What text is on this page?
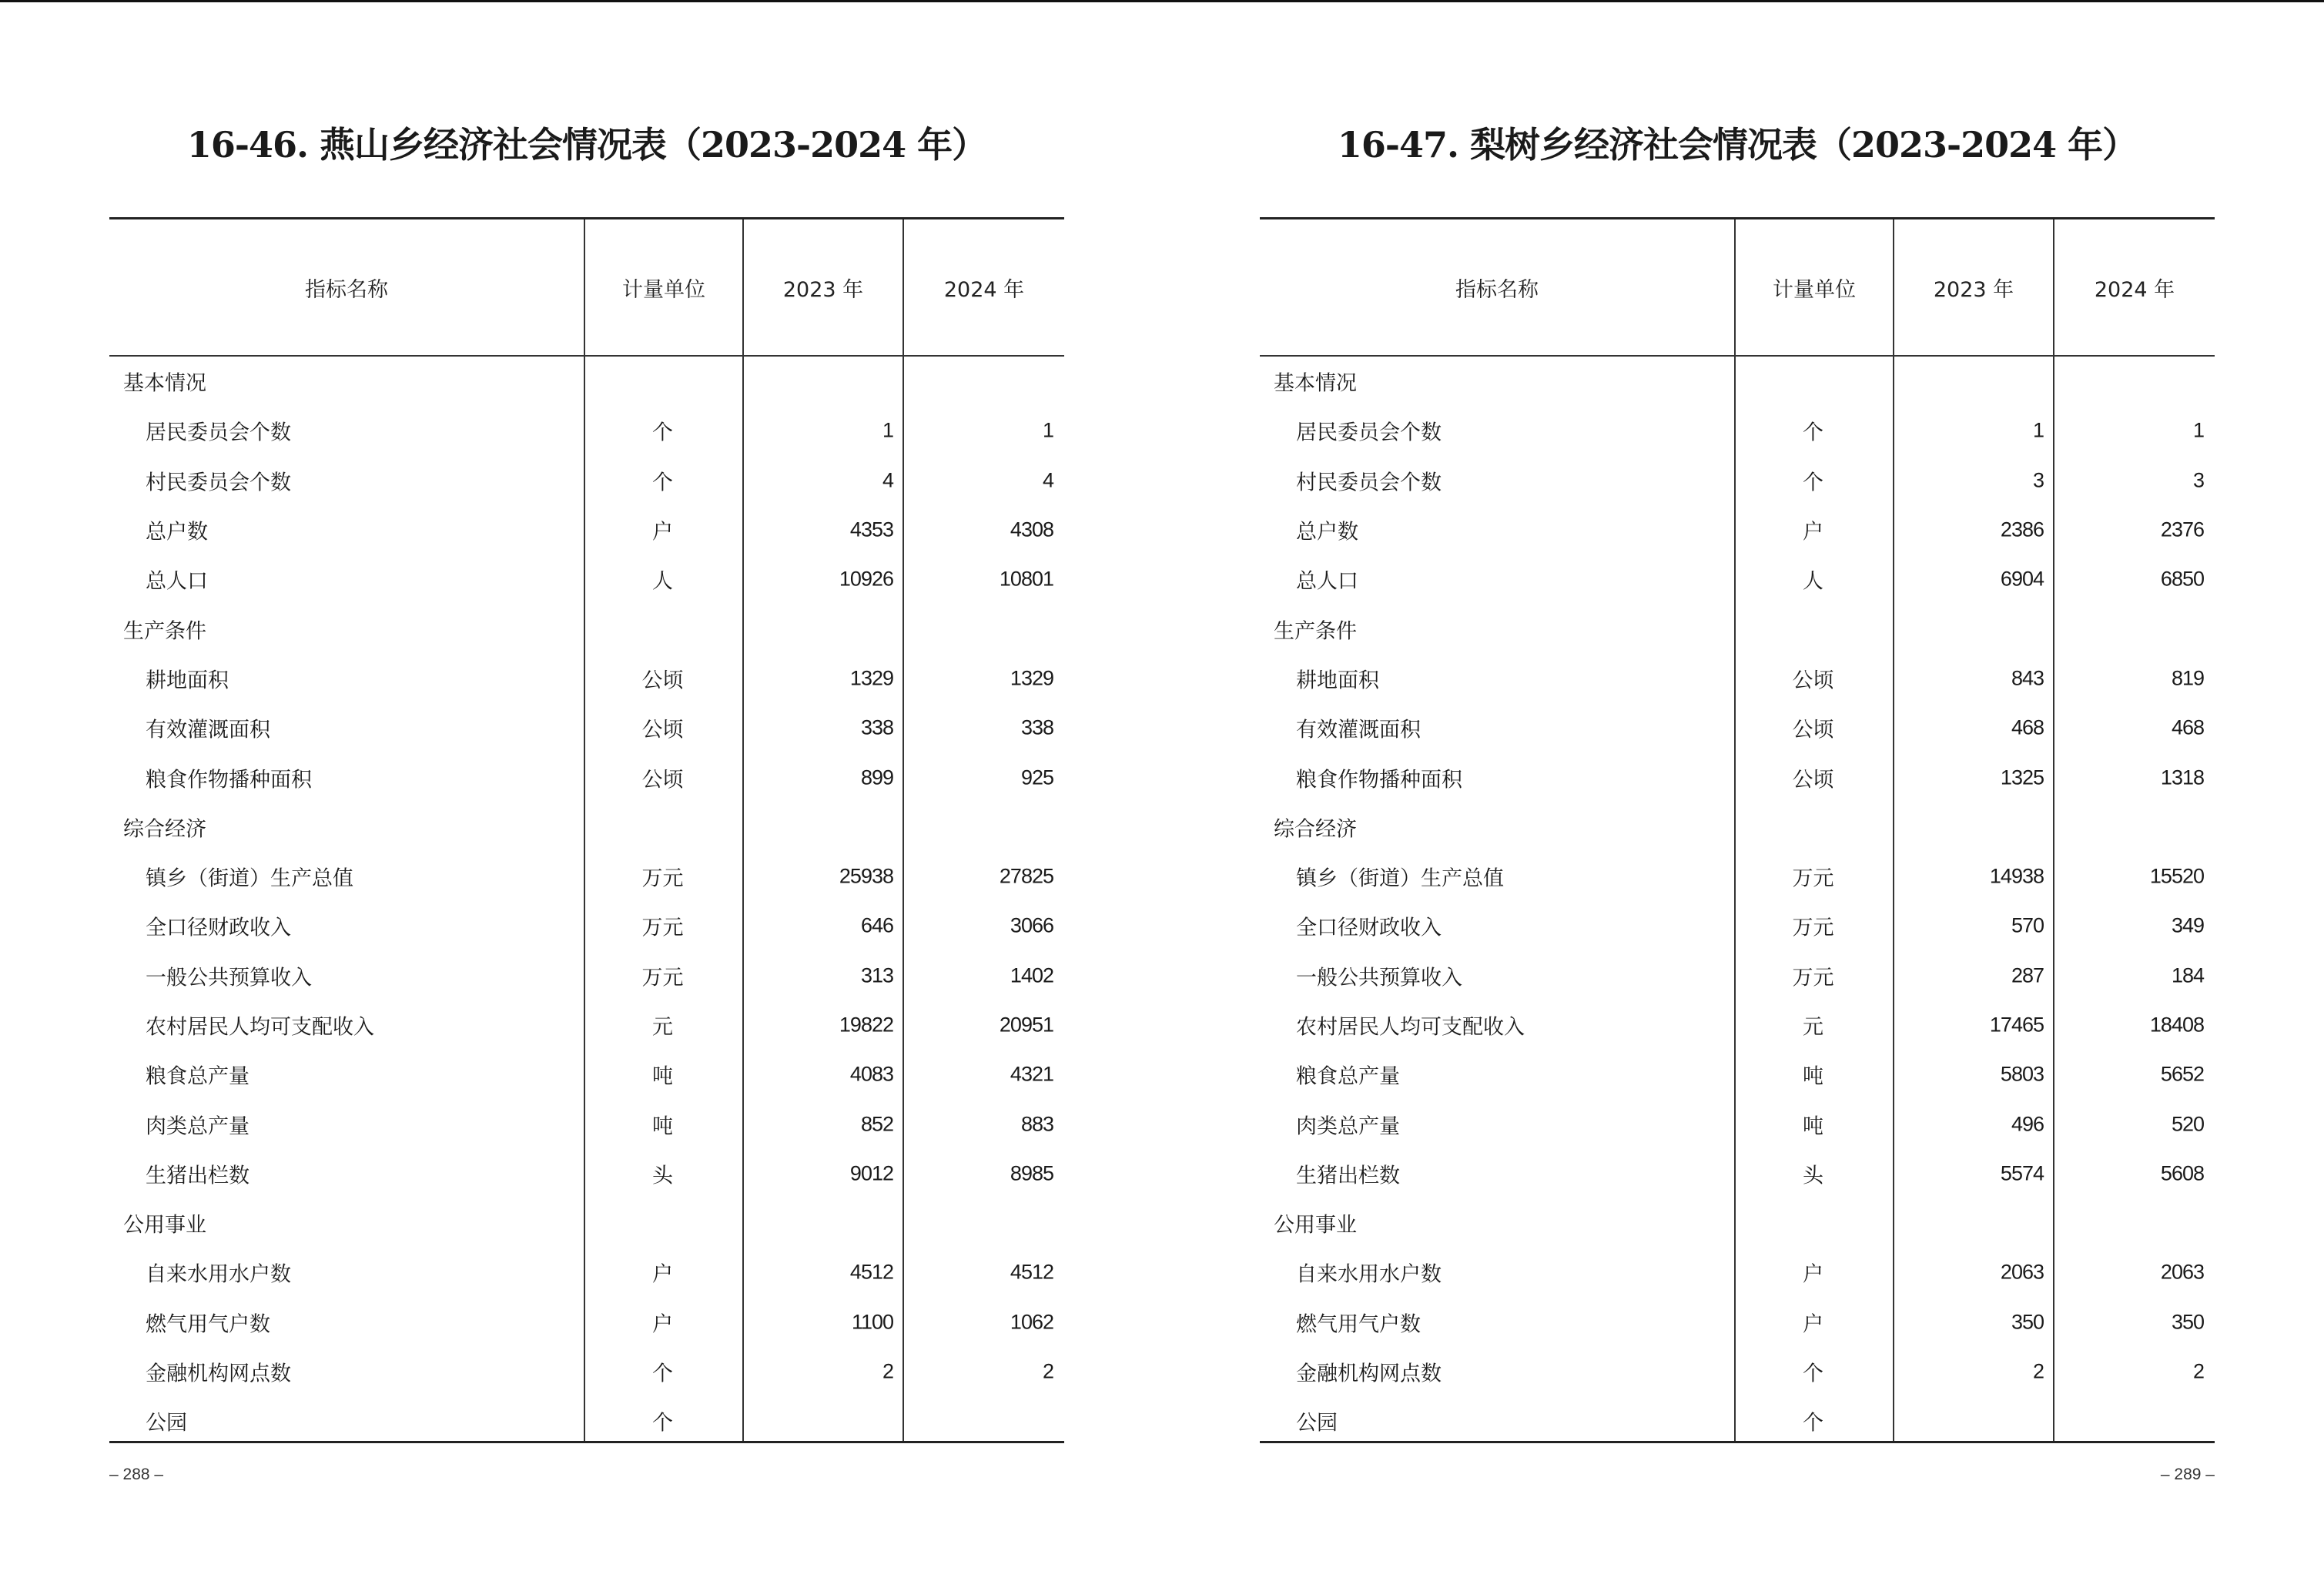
16-46. 燕山乡经济社会情况表（2023-2024 年）
指标名称	计量单位	2023 年	2024 年
基本情况
居民委员会个数	个	1	1
村民委员会个数	个	4	4
总户数	户	4353	4308
总人口	人	10926	10801
生产条件
耕地面积	公顷	1329	1329
有效灌溉面积	公顷	338	338
粮食作物播种面积	公顷	899	925
综合经济
镇乡（街道）生产总值	万元	25938	27825
全口径财政收入	万元	646	3066
一般公共预算收入	万元	313	1402
农村居民人均可支配收入	元	19822	20951
粮食总产量	吨	4083	4321
肉类总产量	吨	852	883
生猪出栏数	头	9012	8985
公用事业
自来水用水户数	户	4512	4512
燃气用气户数	户	1100	1062
金融机构网点数	个	2	2
公园	个
– 288 –
16-47. 梨树乡经济社会情况表（2023-2024 年）
指标名称	计量单位	2023 年	2024 年
基本情况
居民委员会个数	个	1	1
村民委员会个数	个	3	3
总户数	户	2386	2376
总人口	人	6904	6850
生产条件
耕地面积	公顷	843	819
有效灌溉面积	公顷	468	468
粮食作物播种面积	公顷	1325	1318
综合经济
镇乡（街道）生产总值	万元	14938	15520
全口径财政收入	万元	570	349
一般公共预算收入	万元	287	184
农村居民人均可支配收入	元	17465	18408
粮食总产量	吨	5803	5652
肉类总产量	吨	496	520
生猪出栏数	头	5574	5608
公用事业
自来水用水户数	户	2063	2063
燃气用气户数	户	350	350
金融机构网点数	个	2	2
公园	个
– 289 –
